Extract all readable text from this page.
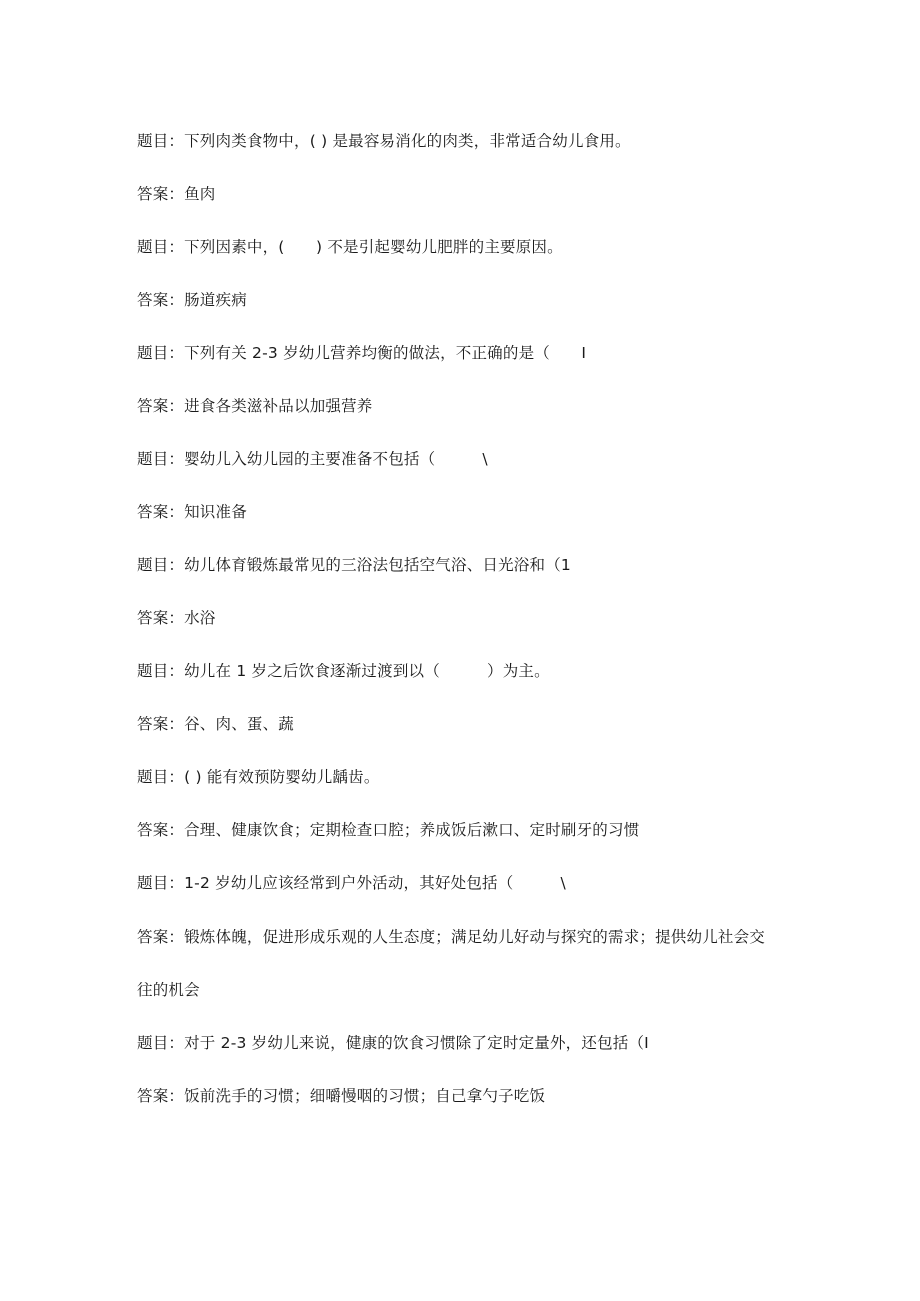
题目：下列肉类食物中，( ) 是最容易消化的肉类，非常适合幼儿食用。
答案：鱼肉
题目：下列因素中，(　　) 不是引起婴幼儿肥胖的主要原因。
答案：肠道疾病
题目：下列有关 2-3 岁幼儿营养均衡的做法，不正确的是（　　I
答案：进食各类滋补品以加强营养
题目：婴幼儿入幼儿园的主要准备不包括（　　　\
答案：知识准备
题目：幼儿体育锻炼最常见的三浴法包括空气浴、日光浴和（1
答案：水浴
题目：幼儿在 1 岁之后饮食逐渐过渡到以（　　　）为主。
答案：谷、肉、蛋、蔬
题目：( ) 能有效预防婴幼儿龋齿。
答案：合理、健康饮食；定期检查口腔；养成饭后漱口、定时刷牙的习惯
题目：1-2 岁幼儿应该经常到户外活动，其好处包括（　　　\
答案：锻炼体魄，促进形成乐观的人生态度；满足幼儿好动与探究的需求；提供幼儿社会交
往的机会
题目：对于 2-3 岁幼儿来说，健康的饮食习惯除了定时定量外，还包括（I
答案：饭前洗手的习惯；细嚼慢咽的习惯；自己拿勺子吃饭
